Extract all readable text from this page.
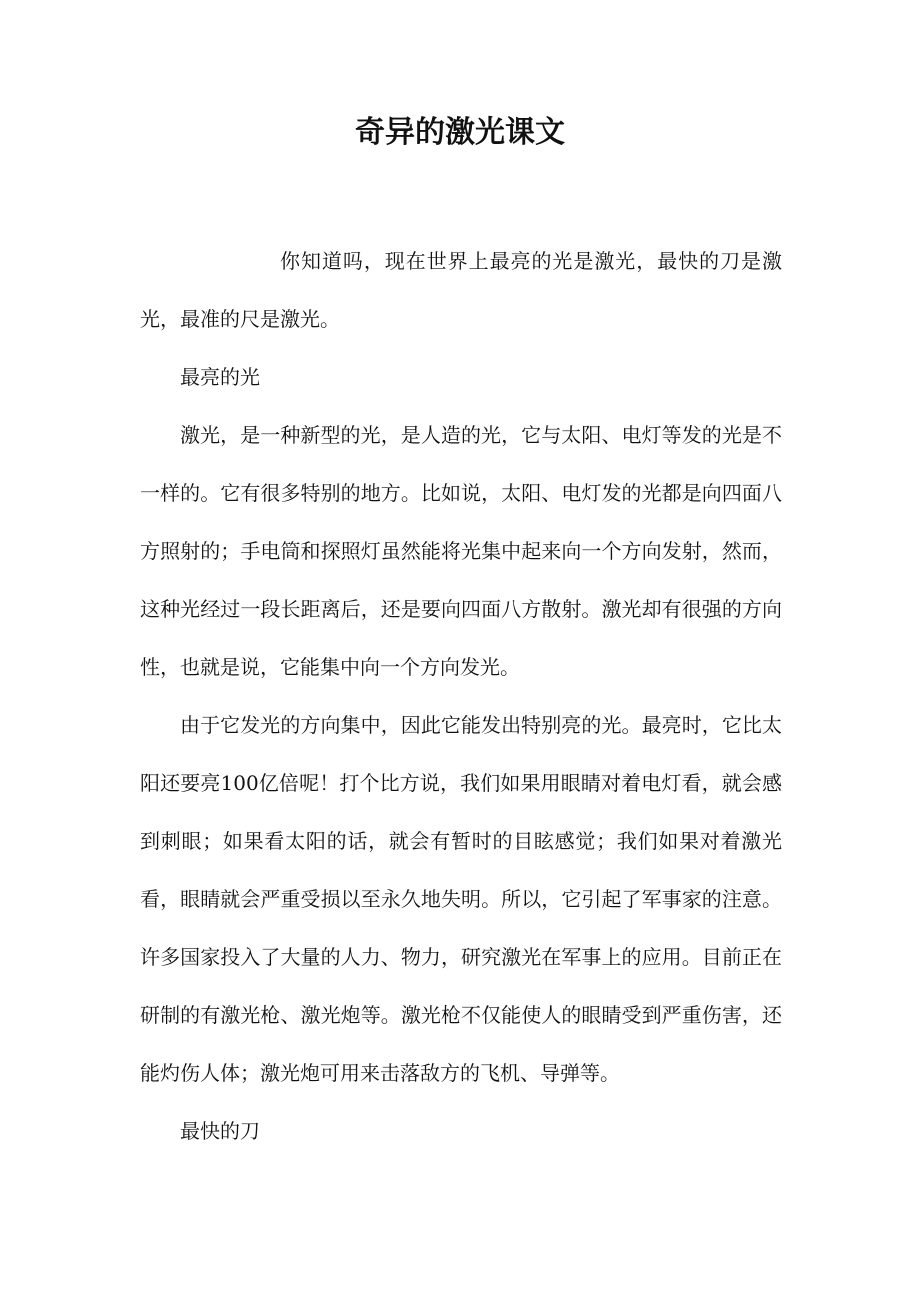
奇异的激光课文

你知道吗，现在世界上最亮的光是激光，最快的刀是激光，最准的尺是激光。

最亮的光

激光，是一种新型的光，是人造的光，它与太阳、电灯等发的光是不一样的。它有很多特别的地方。比如说，太阳、电灯发的光都是向四面八方照射的；手电筒和探照灯虽然能将光集中起来向一个方向发射，然而，这种光经过一段长距离后，还是要向四面八方散射。激光却有很强的方向性，也就是说，它能集中向一个方向发光。

由于它发光的方向集中，因此它能发出特别亮的光。最亮时，它比太阳还要亮100亿倍呢！打个比方说，我们如果用眼睛对着电灯看，就会感到刺眼；如果看太阳的话，就会有暂时的目眩感觉；我们如果对着激光看，眼睛就会严重受损以至永久地失明。所以，它引起了军事家的注意。许多国家投入了大量的人力、物力，研究激光在军事上的应用。目前正在研制的有激光枪、激光炮等。激光枪不仅能使人的眼睛受到严重伤害，还能灼伤人体；激光炮可用来击落敌方的飞机、导弹等。

最快的刀
